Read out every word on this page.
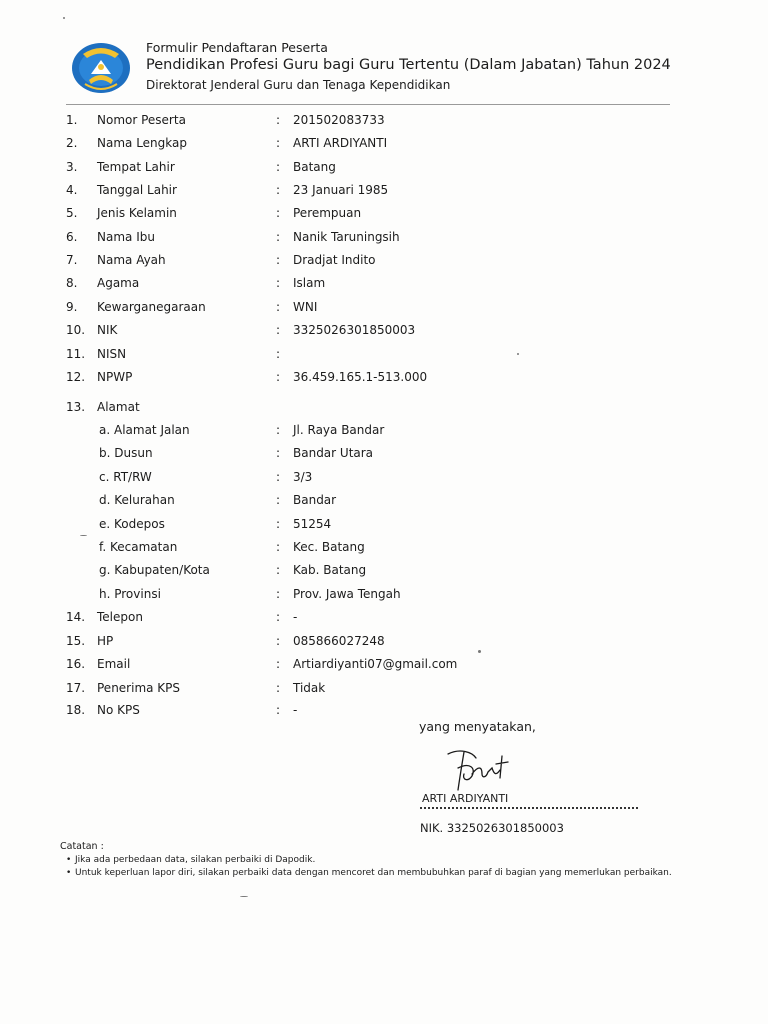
Formulir Pendaftaran Peserta
Pendidikan Profesi Guru bagi Guru Tertentu (Dalam Jabatan) Tahun 2024
Direktorat Jenderal Guru dan Tenaga Kependidikan
1. Nomor Peserta	: 201502083733
2. Nama Lengkap	: ARTI ARDIYANTI
3. Tempat Lahir	: Batang
4. Tanggal Lahir	: 23 Januari 1985
5. Jenis Kelamin	: Perempuan
6. Nama Ibu	: Nanik Taruningsih
7. Nama Ayah	: Dradjat Indito
8. Agama	: Islam
9. Kewarganegaraan	: WNI
10. NIK	: 3325026301850003
11. NISN	:
12. NPWP	: 36.459.165.1-513.000
13. Alamat
a. Alamat Jalan	: Jl. Raya Bandar
b. Dusun	: Bandar Utara
c. RT/RW	: 3/3
d. Kelurahan	: Bandar
e. Kodepos	: 51254
f. Kecamatan	: Kec. Batang
g. Kabupaten/Kota	: Kab. Batang
h. Provinsi	: Prov. Jawa Tengah
14. Telepon	: -
15. HP	: 085866027248
16. Email	: Artiardiyanti07@gmail.com
17. Penerima KPS	: Tidak
18. No KPS	: -
yang menyatakan,
ARTI ARDIYANTI
NIK. 3325026301850003
Catatan :
• Jika ada perbedaan data, silakan perbaiki di Dapodik.
• Untuk keperluan lapor diri, silakan perbaiki data dengan mencoret dan membubuhkan paraf di bagian yang memerlukan perbaikan.
